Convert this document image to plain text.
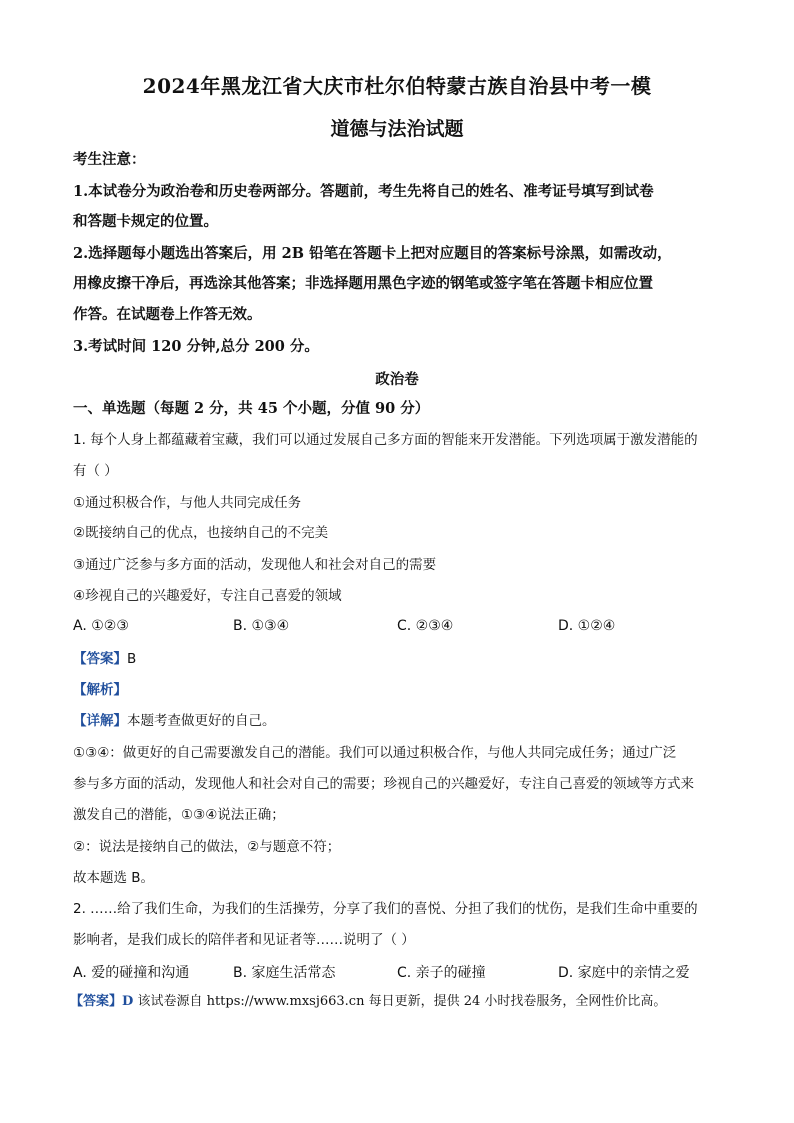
2024年黑龙江省大庆市杜尔伯特蒙古族自治县中考一模
道德与法治试题
考生注意：
1.本试卷分为政治卷和历史卷两部分。答题前，考生先将自己的姓名、准考证号填写到试卷
和答题卡规定的位置。
2.选择题每小题选出答案后，用 2B 铅笔在答题卡上把对应题目的答案标号涂黑，如需改动，
用橡皮擦干净后，再选涂其他答案；非选择题用黑色字迹的钢笔或签字笔在答题卡相应位置
作答。在试题卷上作答无效。
3.考试时间 120 分钟,总分 200 分。
政治卷
一、单选题（每题 2 分，共 45 个小题，分值 90 分）
1. 每个人身上都蕴藏着宝藏，我们可以通过发展自己多方面的智能来开发潜能。下列选项属于激发潜能的
有（ ）
①通过积极合作，与他人共同完成任务
②既接纳自己的优点，也接纳自己的不完美
③通过广泛参与多方面的活动，发现他人和社会对自己的需要
④珍视自己的兴趣爱好，专注自己喜爱的领域
A. ①②③	B. ①③④	C. ②③④	D. ①②④
【答案】B
【解析】
【详解】本题考查做更好的自己。
①③④：做更好的自己需要激发自己的潜能。我们可以通过积极合作，与他人共同完成任务；通过广泛
参与多方面的活动，发现他人和社会对自己的需要；珍视自己的兴趣爱好，专注自己喜爱的领域等方式来
激发自己的潜能，①③④说法正确；
②：说法是接纳自己的做法，②与题意不符；
故本题选 B。
2. ……给了我们生命，为我们的生活操劳，分享了我们的喜悦、分担了我们的忧伤，是我们生命中重要的
影响者，是我们成长的陪伴者和见证者等……说明了（ ）
A. 爱的碰撞和沟通	B. 家庭生活常态	C. 亲子的碰撞	D. 家庭中的亲情之爱
【答案】D 该试卷源自 https://www.mxsj663.cn 每日更新，提供 24 小时找卷服务，全网性价比高。
